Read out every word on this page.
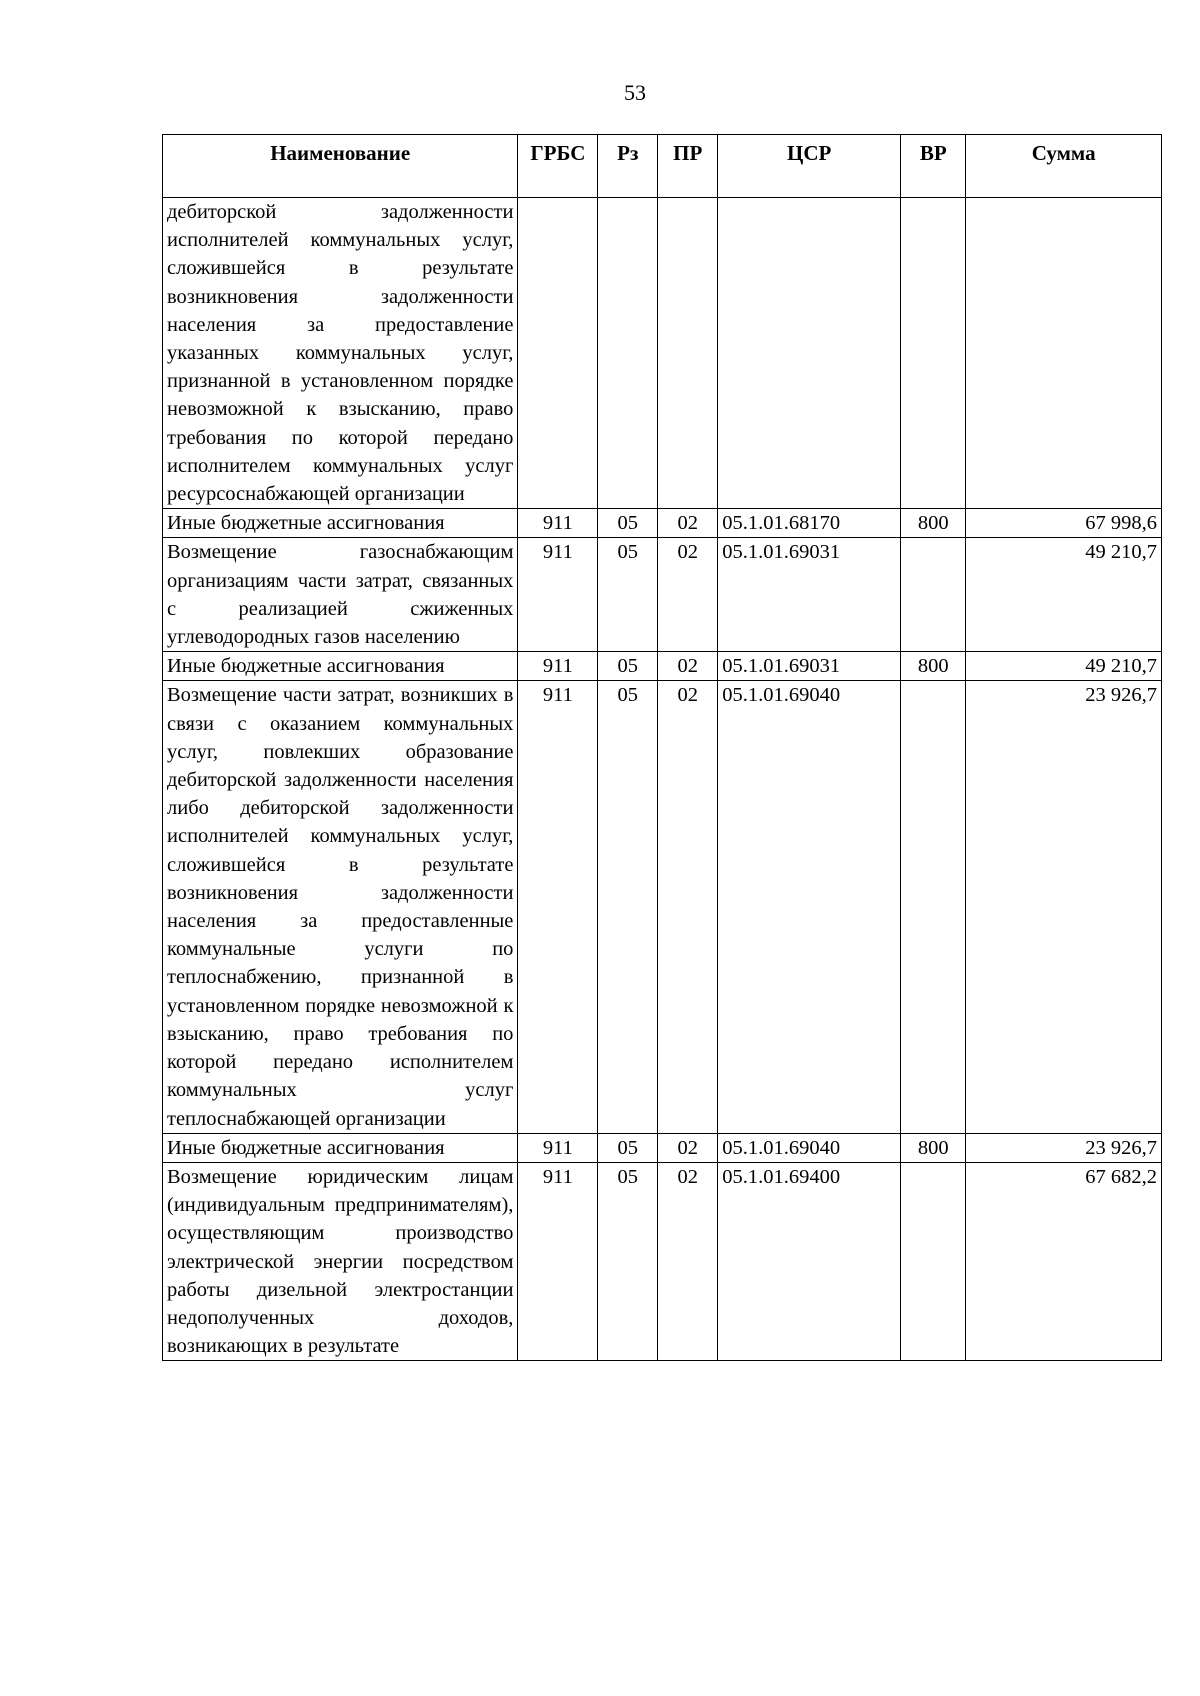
53
Наименование	ГРБС	Рз	ПР	ЦСР	ВР	Сумма
дебиторской задолженности исполнителей коммунальных услуг, сложившейся в результате возникновения задолженности населения за предоставление указанных коммунальных услуг, признанной в установленном порядке невозможной к взысканию, право требования по которой передано исполнителем коммунальных услуг ресурсоснабжающей организации						
Иные бюджетные ассигнования	911	05	02	05.1.01.68170	800	67 998,6
Возмещение газоснабжающим организациям части затрат, связанных с реализацией сжиженных углеводородных газов населению	911	05	02	05.1.01.69031		49 210,7
Иные бюджетные ассигнования	911	05	02	05.1.01.69031	800	49 210,7
Возмещение части затрат, возникших в связи с оказанием коммунальных услуг, повлекших образование дебиторской задолженности населения либо дебиторской задолженности исполнителей коммунальных услуг, сложившейся в результате возникновения задолженности населения за предоставленные коммунальные услуги по теплоснабжению, признанной в установленном порядке невозможной к взысканию, право требования по которой передано исполнителем коммунальных услуг теплоснабжающей организации	911	05	02	05.1.01.69040		23 926,7
Иные бюджетные ассигнования	911	05	02	05.1.01.69040	800	23 926,7
Возмещение юридическим лицам (индивидуальным предпринимателям), осуществляющим производство электрической энергии посредством работы дизельной электростанции недополученных доходов, возникающих в результате	911	05	02	05.1.01.69400		67 682,2
